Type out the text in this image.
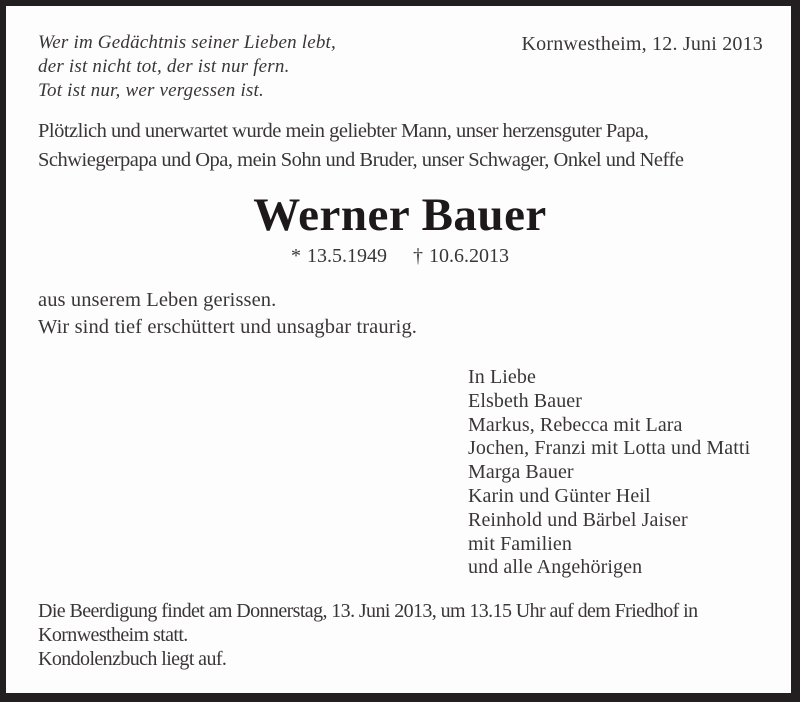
Wer im Gedächtnis seiner Lieben lebt,
der ist nicht tot, der ist nur fern.
Tot ist nur, wer vergessen ist.
Kornwestheim, 12. Juni 2013
Plötzlich und unerwartet wurde mein geliebter Mann, unser herzensguter Papa,
Schwiegerpapa und Opa, mein Sohn und Bruder, unser Schwager, Onkel und Neffe
Werner Bauer
* 13.5.1949 † 10.6.2013
aus unserem Leben gerissen.
Wir sind tief erschüttert und unsagbar traurig.
In Liebe
Elsbeth Bauer
Markus, Rebecca mit Lara
Jochen, Franzi mit Lotta und Matti
Marga Bauer
Karin und Günter Heil
Reinhold und Bärbel Jaiser
mit Familien
und alle Angehörigen
Die Beerdigung findet am Donnerstag, 13. Juni 2013, um 13.15 Uhr auf dem Friedhof in
Kornwestheim statt.
Kondolenzbuch liegt auf.
